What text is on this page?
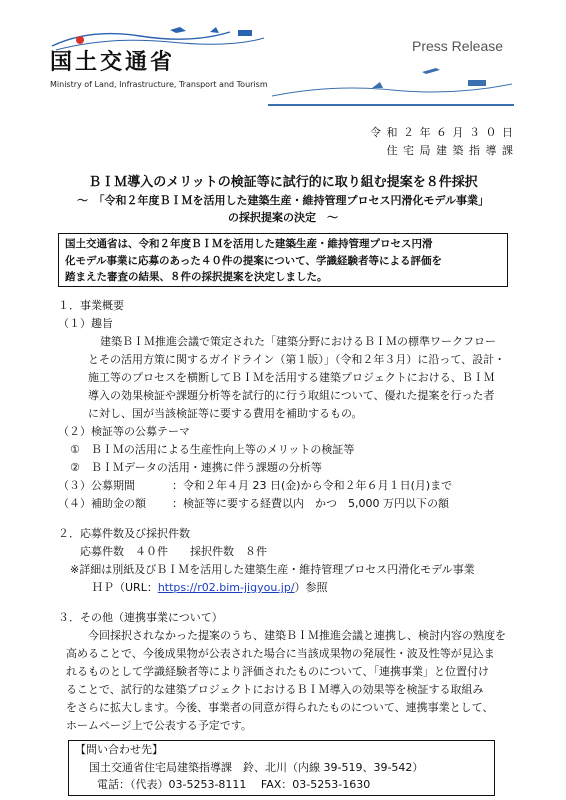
国土交通省
Ministry of Land, Infrastructure, Transport and Tourism
Press Release
令 和 ２ 年 ６ 月 ３ ０ 日
住 宅 局 建 築 指 導 課
ＢＩＭ導入のメリットの検証等に試行的に取り組む提案を８件採択
～　「令和２年度ＢＩＭを活用した建築生産・維持管理プロセス円滑化モデル事業」
の採択提案の決定　～
国土交通省は、令和２年度ＢＩＭを活用した建築生産・維持管理プロセス円滑
化モデル事業に応募のあった４０件の提案について、学識経験者等による評価を
踏まえた審査の結果、８件の採択提案を決定しました。
１．事業概要
（１）趣旨
建築ＢＩＭ推進会議で策定された「建築分野におけるＢＩＭの標準ワークフロー
とその活用方策に関するガイドライン（第１版）」（令和２年３月）に沿って、設計・
施工等のプロセスを横断してＢＩＭを活用する建築プロジェクトにおける、ＢＩＭ
導入の効果検証や課題分析等を試行的に行う取組について、優れた提案を行った者
に対し、国が当該検証等に要する費用を補助するもの。
（２）検証等の公募テーマ
①　ＢＩＭの活用による生産性向上等のメリットの検証等
②　ＢＩＭデータの活用・連携に伴う課題の分析等
（３）公募期間	：令和２年４月 23 日(金)から令和２年６月１日(月)まで
（４）補助金の額 ：検証等に要する経費以内　かつ　5,000 万円以下の額
２．応募件数及び採択件数
応募件数　４０件　　採択件数　８件
※詳細は別紙及びＢＩＭを活用した建築生産・維持管理プロセス円滑化モデル事業
ＨＰ（URL：https://r02.bim-jigyou.jp/）参照
３．その他（連携事業について）
今回採択されなかった提案のうち、建築ＢＩＭ推進会議と連携し、検討内容の熟度を
高めることで、今後成果物が公表された場合に当該成果物の発展性・波及性等が見込ま
れるものとして学識経験者等により評価されたものについて、「連携事業」と位置付け
ることで、試行的な建築プロジェクトにおけるＢＩＭ導入の効果等を検証する取組み
をさらに拡大します。今後、事業者の同意が得られたものについて、連携事業として、
ホームページ上で公表する予定です。
【問い合わせ先】
国土交通省住宅局建築指導課　鈴、北川（内線 39-519、39-542）
電話：（代表）03-5253-8111　 FAX：03-5253-1630
